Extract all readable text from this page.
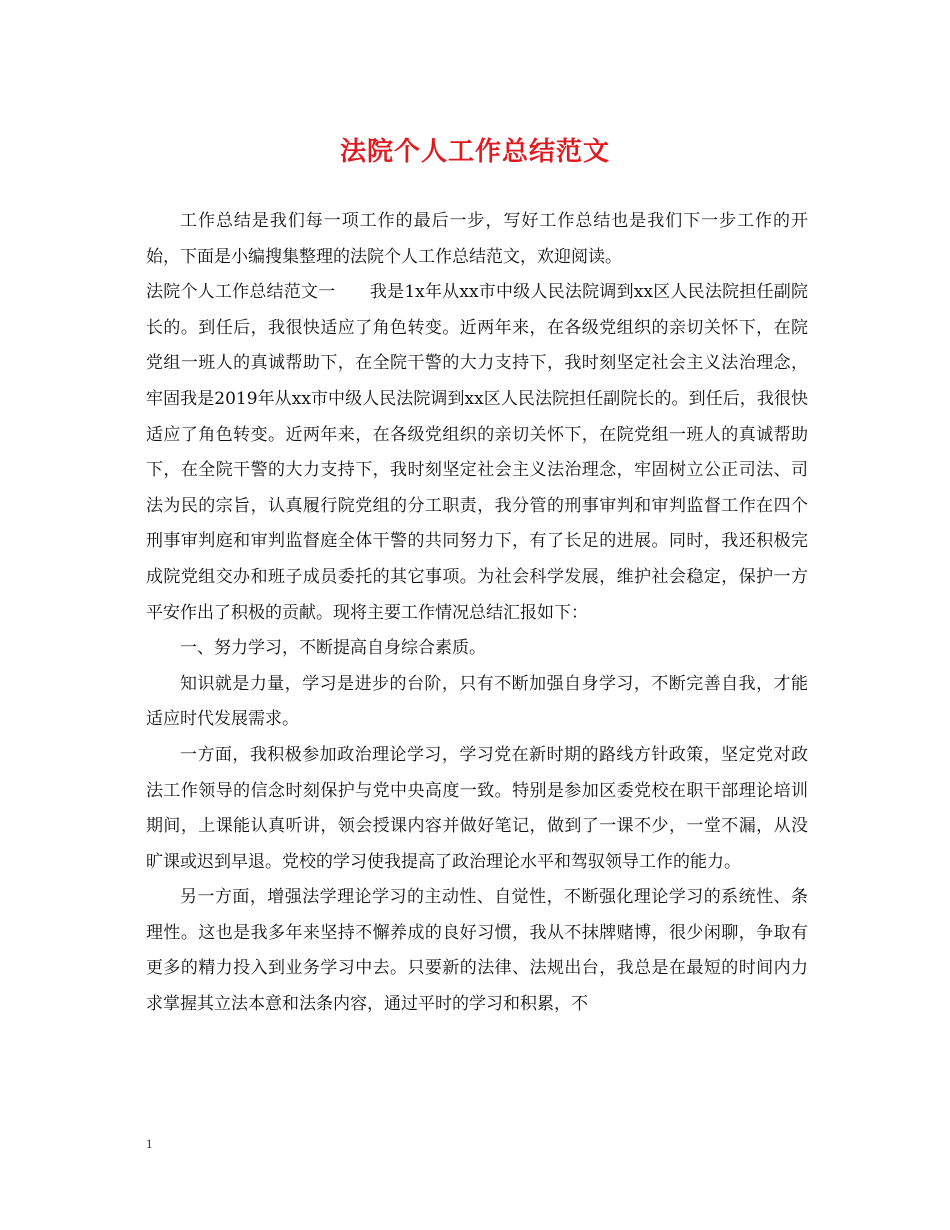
法院个人工作总结范文

工作总结是我们每一项工作的最后一步，写好工作总结也是我们下一步工作的开始，下面是小编搜集整理的法院个人工作总结范文，欢迎阅读。

法院个人工作总结范文一　　我是1x年从xx市中级人民法院调到xx区人民法院担任副院长的。到任后，我很快适应了角色转变。近两年来，在各级党组织的亲切关怀下，在院党组一班人的真诚帮助下，在全院干警的大力支持下，我时刻坚定社会主义法治理念，牢固我是2019年从xx市中级人民法院调到xx区人民法院担任副院长的。到任后，我很快适应了角色转变。近两年来，在各级党组织的亲切关怀下，在院党组一班人的真诚帮助下，在全院干警的大力支持下，我时刻坚定社会主义法治理念，牢固树立公正司法、司法为民的宗旨，认真履行院党组的分工职责，我分管的刑事审判和审判监督工作在四个刑事审判庭和审判监督庭全体干警的共同努力下，有了长足的进展。同时，我还积极完成院党组交办和班子成员委托的其它事项。为社会科学发展，维护社会稳定，保护一方平安作出了积极的贡献。现将主要工作情况总结汇报如下：

一、努力学习，不断提高自身综合素质。

知识就是力量，学习是进步的台阶，只有不断加强自身学习，不断完善自我，才能适应时代发展需求。

一方面，我积极参加政治理论学习，学习党在新时期的路线方针政策，坚定党对政法工作领导的信念时刻保护与党中央高度一致。特别是参加区委党校在职干部理论培训期间，上课能认真听讲，领会授课内容并做好笔记，做到了一课不少，一堂不漏，从没旷课或迟到早退。党校的学习使我提高了政治理论水平和驾驭领导工作的能力。

另一方面，增强法学理论学习的主动性、自觉性，不断强化理论学习的系统性、条理性。这也是我多年来坚持不懈养成的良好习惯，我从不抹牌赌博，很少闲聊，争取有更多的精力投入到业务学习中去。只要新的法律、法规出台，我总是在最短的时间内力求掌握其立法本意和法条内容，通过平时的学习和积累，不

1
